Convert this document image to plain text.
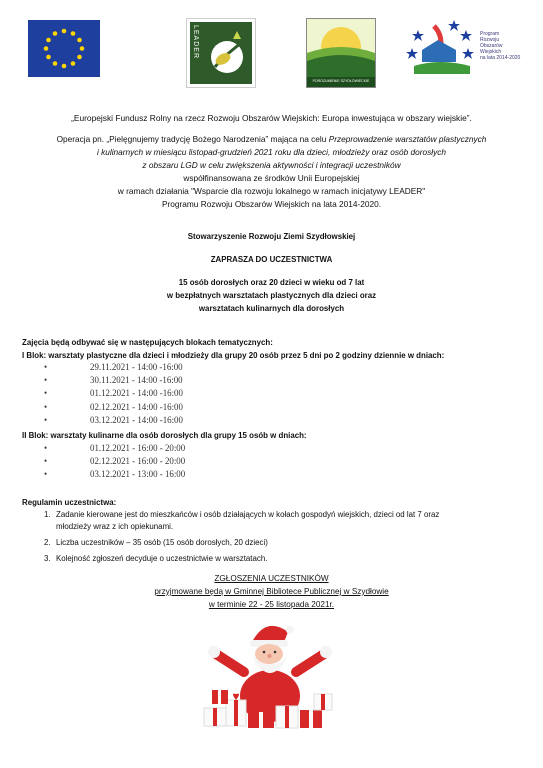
LEADER
POROZUMIENIE SZYDŁOWIECKIE
Program
Rozwoju
Obszarów
Wiejskich
na lata 2014-2020
„Europejski Fundusz Rolny na rzecz Rozwoju Obszarów Wiejskich: Europa inwestująca w obszary wiejskie”.
Operacja pn. „Pielęgnujemy tradycję Bożego Narodzenia” mająca na celu Przeprowadzenie warsztatów plastycznych
i kulinarnych w miesiącu listopad-grudzień 2021 roku dla dzieci, młodzieży oraz osób dorosłych
z obszaru LGD w celu zwiększenia aktywności i integracji uczestników
współfinansowana ze środków Unii Europejskiej
w ramach działania "Wsparcie dla rozwoju lokalnego w ramach inicjatywy LEADER"
Programu Rozwoju Obszarów Wiejskich na lata 2014-2020.
Stowarzyszenie Rozwoju Ziemi Szydłowskiej
ZAPRASZA DO UCZESTNICTWA
15 osób dorosłych oraz 20 dzieci w wieku od 7 lat
w bezpłatnych warsztatach plastycznych dla dzieci oraz
warsztatach kulinarnych dla dorosłych
Zajęcia będą odbywać się w następujących blokach tematycznych:
I Blok: warsztaty plastyczne dla dzieci i młodzieży dla grupy 20 osób przez 5 dni po 2 godziny dziennie w dniach:
• 29.11.2021 - 14:00 -16:00
• 30.11.2021 - 14:00 -16:00
• 01.12.2021 - 14:00 -16:00
• 02.12.2021 - 14:00 -16:00
• 03.12.2021 - 14:00 -16:00
II Blok: warsztaty kulinarne dla osób dorosłych dla grupy 15 osób w dniach:
• 01.12.2021 - 16:00 - 20:00
• 02.12.2021 - 16:00 - 20:00
• 03.12.2021 - 13:00 - 16:00
Regulamin uczestnictwa:
1. Zadanie kierowane jest do mieszkańców i osób działających w kołach gospodyń wiejskich, dzieci od lat 7 oraz
młodzieży wraz z ich opiekunami.
2. Liczba uczestników – 35 osób (15 osób dorosłych, 20 dzieci)
3. Kolejność zgłoszeń decyduje o uczestnictwie w warsztatach.
ZGŁOSZENIA UCZESTNIKÓW
przyjmowane będą w Gminnej Bibliotece Publicznej w Szydłowie
w terminie 22 - 25 listopada 2021r.
